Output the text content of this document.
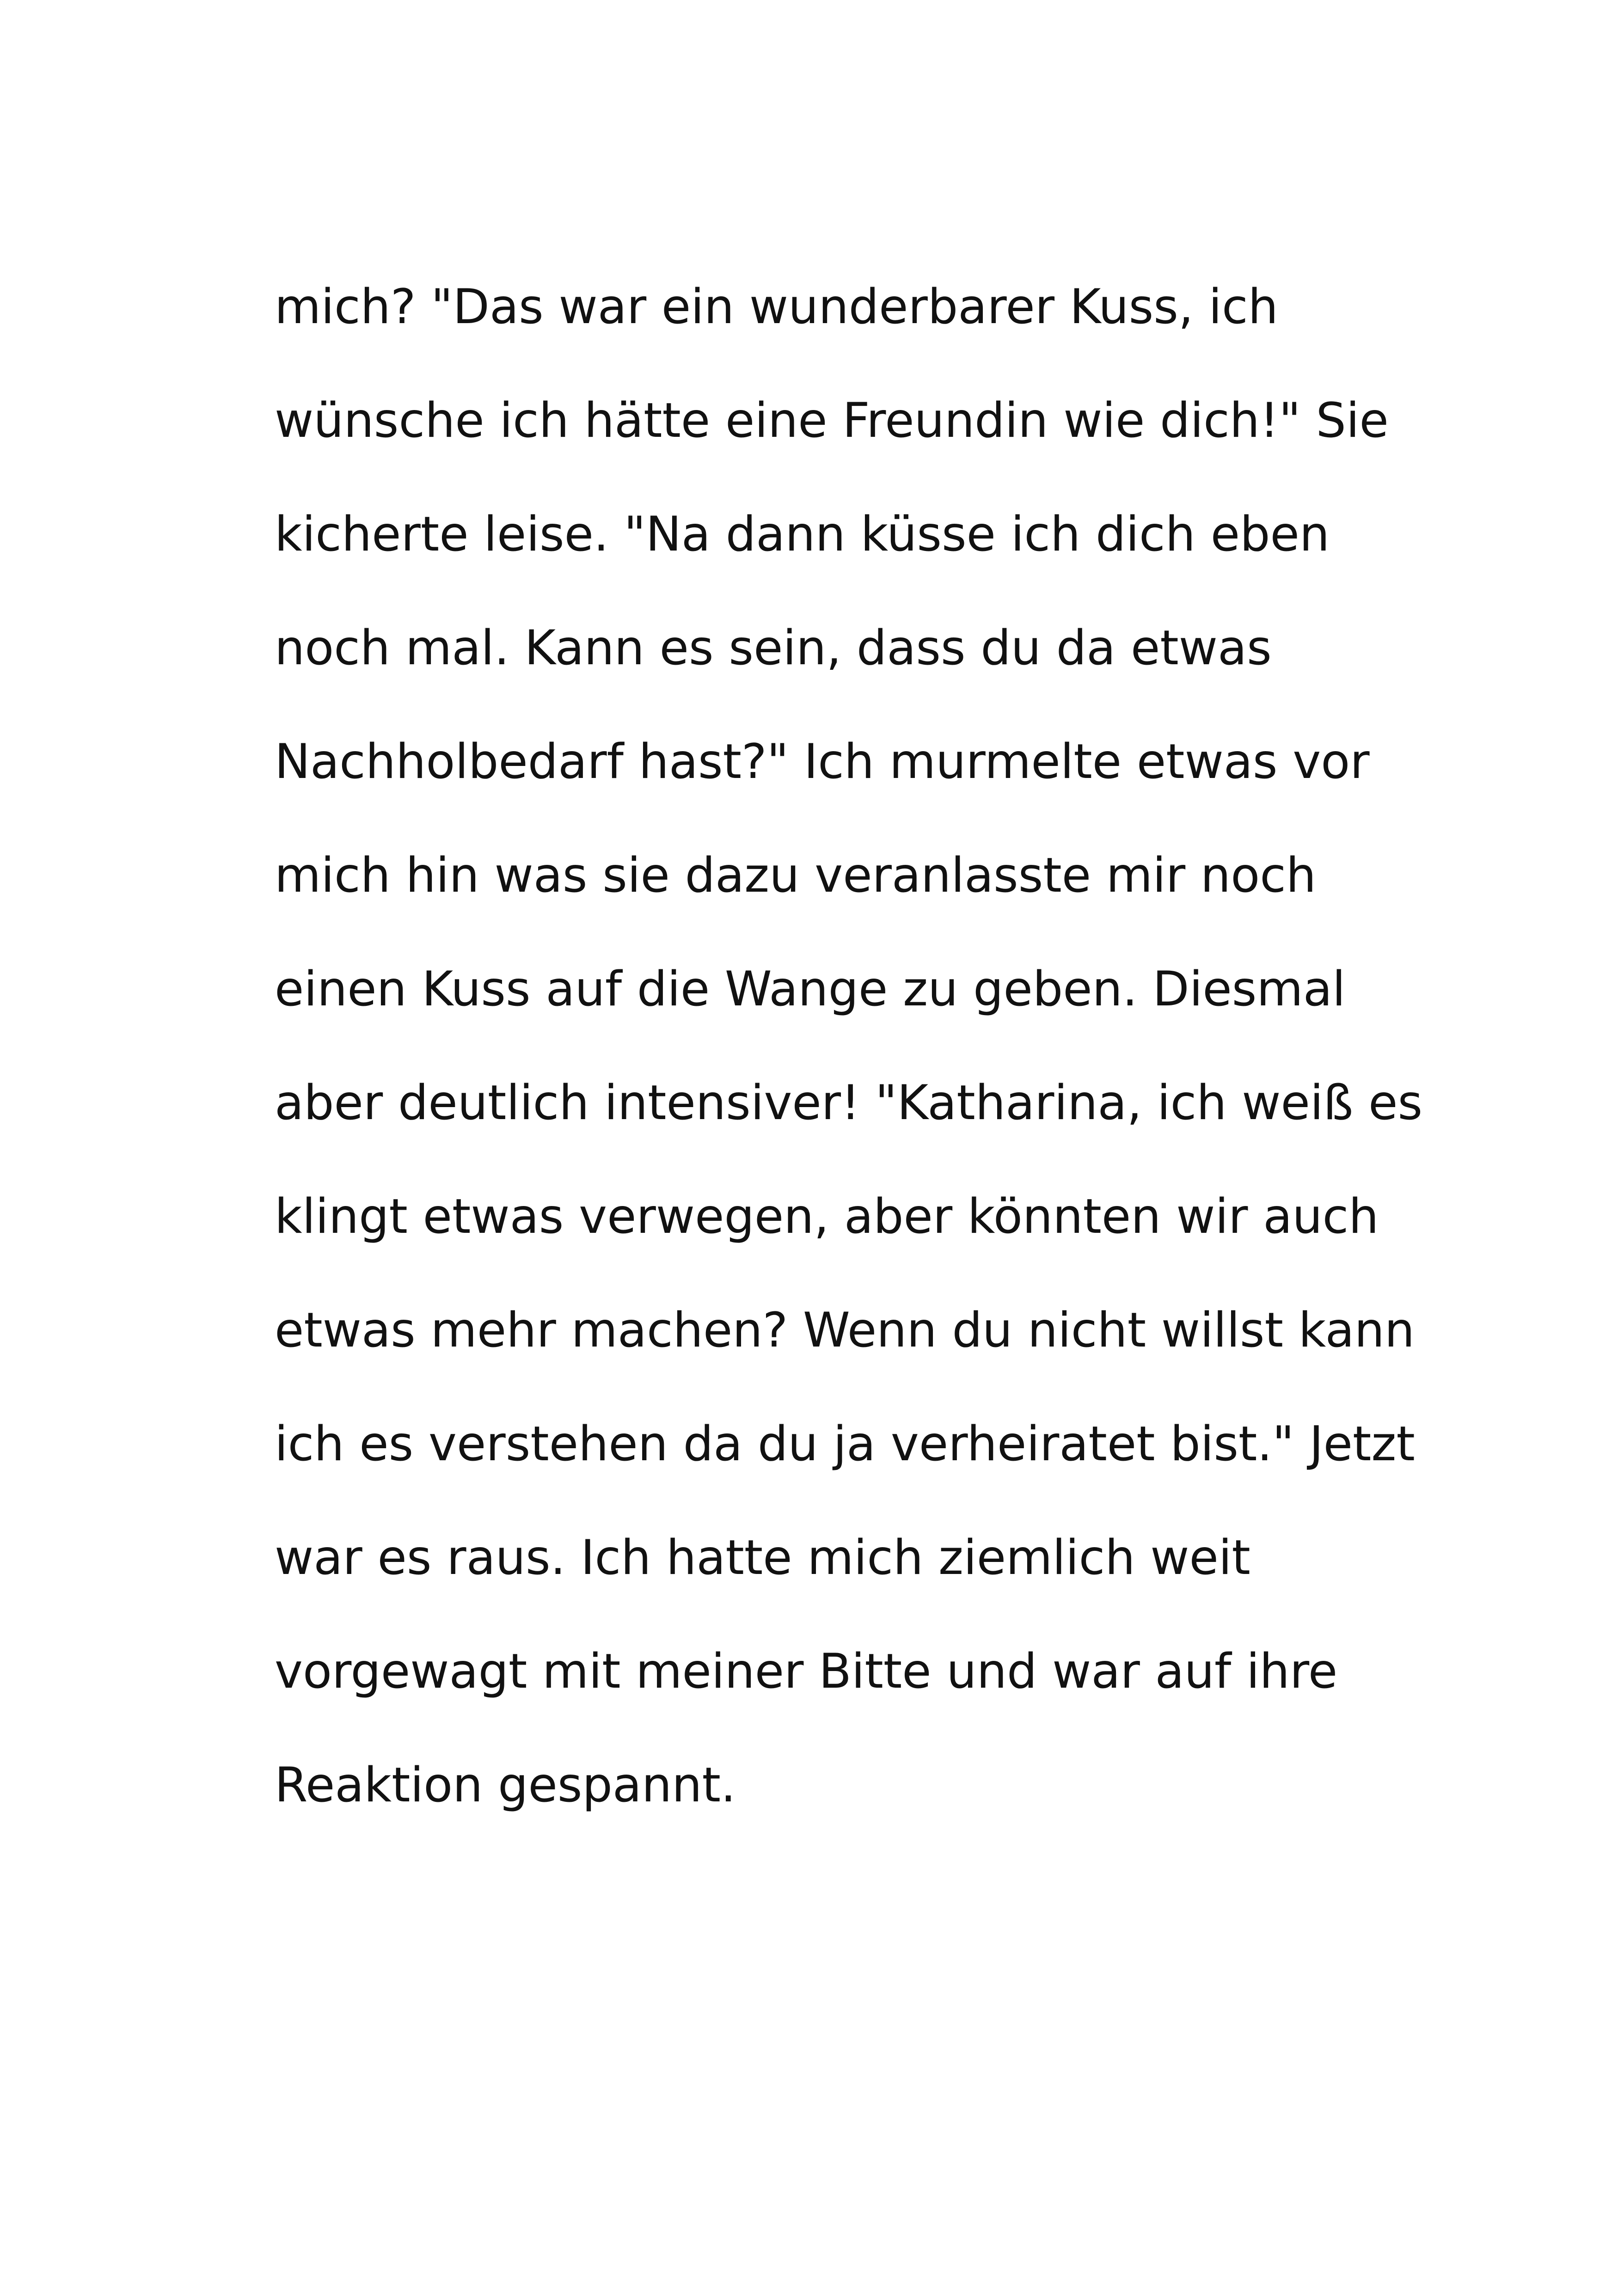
mich? "Das war ein wunderbarer Kuss, ich
wünsche ich hätte eine Freundin wie dich!" Sie
kicherte leise. "Na dann küsse ich dich eben
noch mal. Kann es sein, dass du da etwas
Nachholbedarf hast?" Ich murmelte etwas vor
mich hin was sie dazu veranlasste mir noch
einen Kuss auf die Wange zu geben. Diesmal
aber deutlich intensiver! "Katharina, ich weiß es
klingt etwas verwegen, aber könnten wir auch
etwas mehr machen? Wenn du nicht willst kann
ich es verstehen da du ja verheiratet bist." Jetzt
war es raus. Ich hatte mich ziemlich weit
vorgewagt mit meiner Bitte und war auf ihre
Reaktion gespannt.
